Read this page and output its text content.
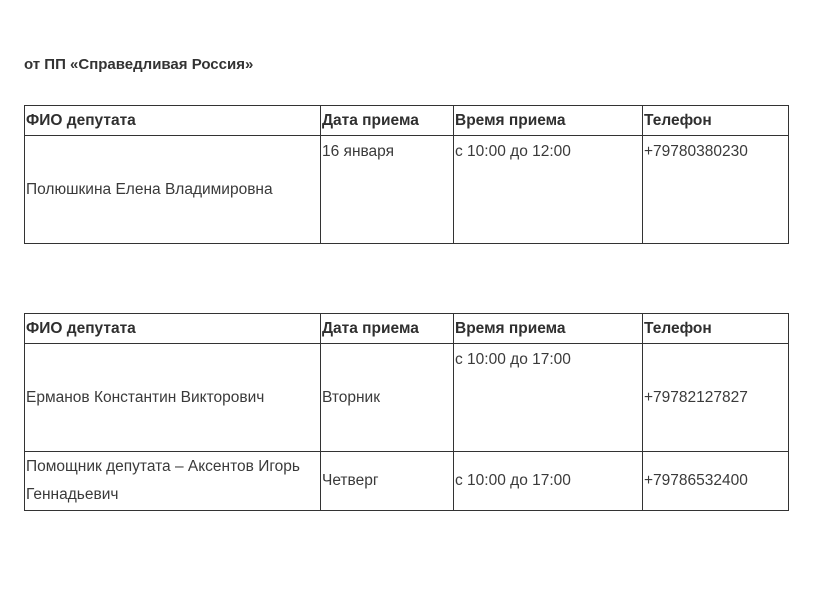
от ПП «Справедливая Россия»
ФИО депутата	Дата приема	Время приема	Телефон
Полюшкина Елена Владимировна	16 января	с 10:00 до 12:00	+79780380230
ФИО депутата	Дата приема	Время приема	Телефон
Ерманов Константин Викторович	Вторник	с 10:00 до 17:00	+79782127827
Помощник депутата – Аксентов Игорь Геннадьевич	Четверг	с 10:00 до 17:00	+79786532400
